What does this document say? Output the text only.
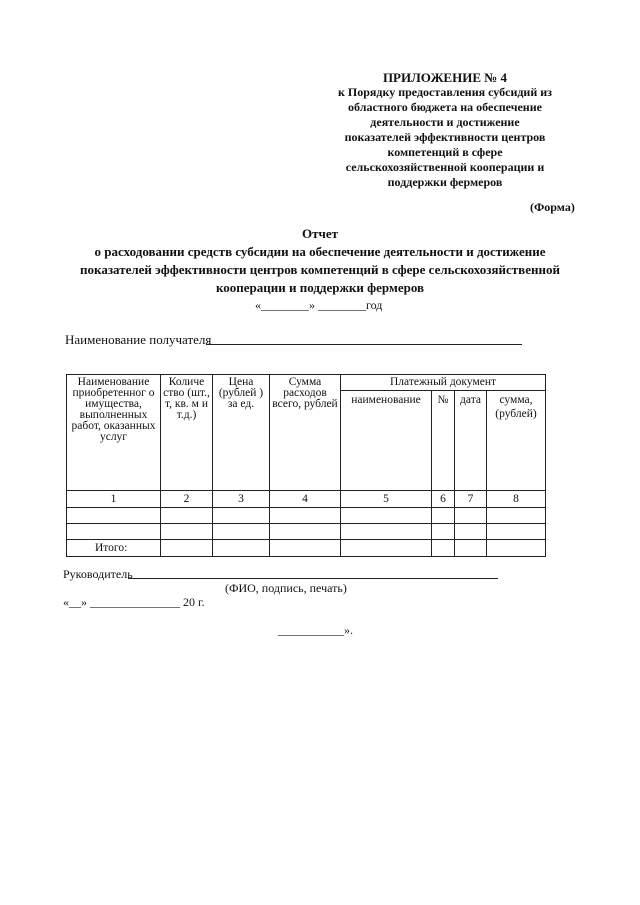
ПРИЛОЖЕНИЕ № 4
к Порядку предоставления субсидий из
областного бюджета на обеспечение
деятельности и достижение
показателей эффективности центров
компетенций в сфере
сельскохозяйственной кооперации и
поддержки фермеров
(Форма)
Отчет
о расходовании средств субсидии на обеспечение деятельности и достижение
показателей эффективности центров компетенций в сфере сельскохозяйственной
кооперации и поддержки фермеров
«________» ________год
Наименование получателя
Наименование приобретенног о имущества, выполненных работ, оказанных услуг	Количе ство (шт., т, кв. м и т.д.)	Цена (рублей ) за ед.	Сумма расходов всего, рублей	Платежный документ			
				наименование	№	дата	сумма, (рублей)
1	2	3	4	5	6	7	8

Итого:							
Руководитель
(ФИО, подпись, печать)
«__» _______________ 20 г.
___________».
